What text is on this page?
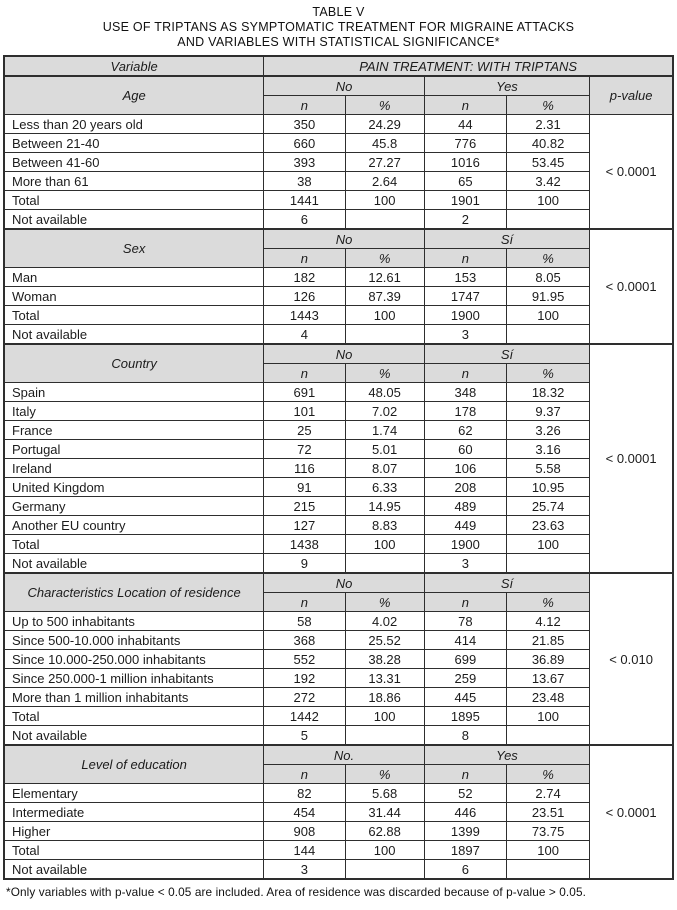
TABLE V
USE OF TRIPTANS AS SYMPTOMATIC TREATMENT FOR MIGRAINE ATTACKS
AND VARIABLES WITH STATISTICAL SIGNIFICANCE*
Variable	PAIN TREATMENT: WITH TRIPTANS				
Age	No		Yes		p-value
	n	%	n	%	
Less than 20 years old	350	24.29	44	2.31	< 0.0001
Between 21-40	660	45.8	776	40.82	
Between 41-60	393	27.27	1016	53.45	
More than 61	38	2.64	65	3.42	
Total	1441	100	1901	100	
Not available	6		2		
Sex	No		Sí		< 0.0001
	n	%	n	%	
Man	182	12.61	153	8.05	
Woman	126	87.39	1747	91.95	
Total	1443	100	1900	100	
Not available	4		3		
Country	No		Sí		< 0.0001
	n	%	n	%	
Spain	691	48.05	348	18.32	
Italy	101	7.02	178	9.37	
France	25	1.74	62	3.26	
Portugal	72	5.01	60	3.16	
Ireland	116	8.07	106	5.58	
United Kingdom	91	6.33	208	10.95	
Germany	215	14.95	489	25.74	
Another EU country	127	8.83	449	23.63	
Total	1438	100	1900	100	
Not available	9		3		
Characteristics Location of residence	No		Sí		< 0.010
	n	%	n	%	
Up to 500 inhabitants	58	4.02	78	4.12	
Since 500-10.000 inhabitants	368	25.52	414	21.85	
Since 10.000-250.000 inhabitants	552	38.28	699	36.89	
Since 250.000-1 million inhabitants	192	13.31	259	13.67	
More than 1 million inhabitants	272	18.86	445	23.48	
Total	1442	100	1895	100	
Not available	5		8		
Level of education	No.		Yes		< 0.0001
	n	%	n	%	
Elementary	82	5.68	52	2.74	
Intermediate	454	31.44	446	23.51	
Higher	908	62.88	1399	73.75	
Total	144	100	1897	100	
Not available	3		6		
*Only variables with p-value < 0.05 are included. Area of residence was discarded because of p-value > 0.05.
